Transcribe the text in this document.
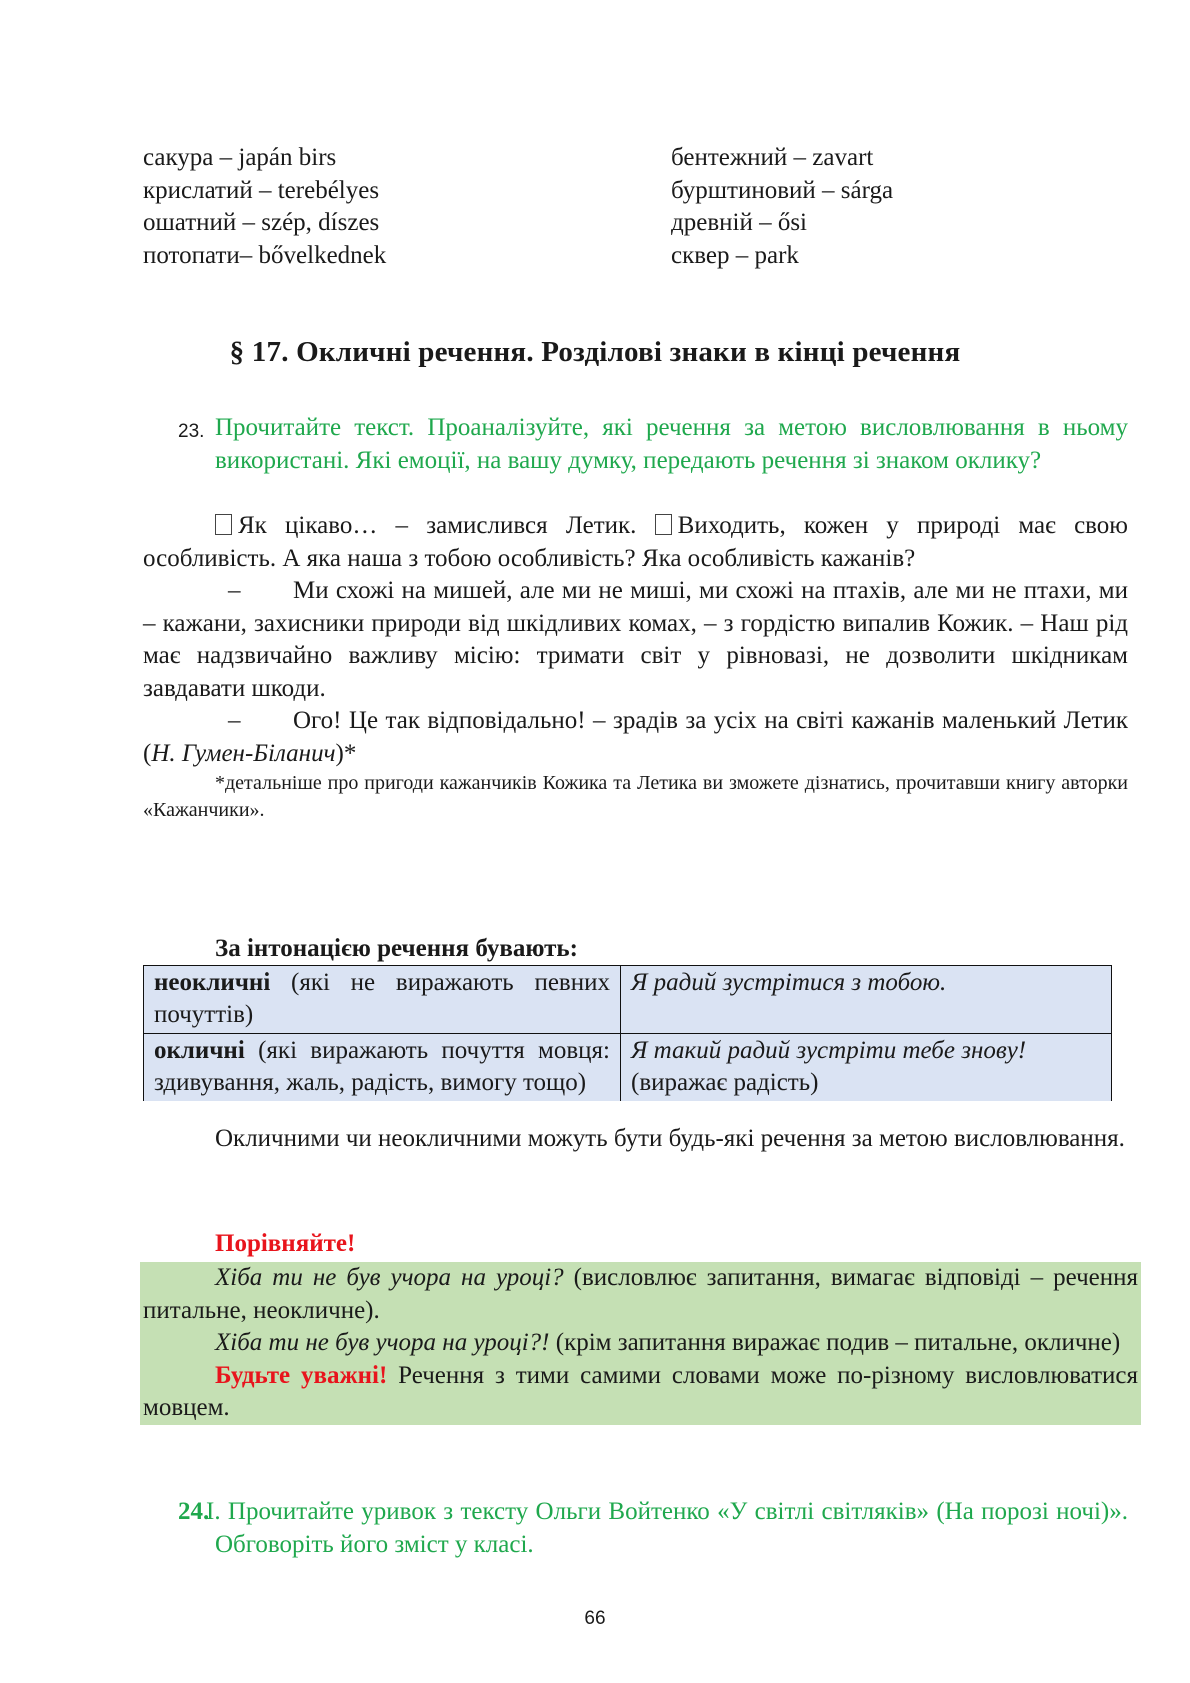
сакура – japán birs
крислатий – terebélyes
ошатний – szép, díszes
потопати– bővelkednek
бентежний – zavart
бурштиновий – sárga
древній – ősi
сквер – park
§ 17. Окличні речення. Розділові знаки в кінці речення
23. Прочитайте текст. Проаналізуйте, які речення за метою висловлювання в ньому використані. Які емоції, на вашу думку, передають речення зі знаком оклику?

Як цікаво… – замислився Летик. Виходить, кожен у природі має свою особливість. А яка наша з тобою особливість? Яка особливість кажанів?

– Ми схожі на мишей, але ми не миші, ми схожі на птахів, але ми не птахи, ми – кажани, захисники природи від шкідливих комах, – з гордістю випалив Кожик. – Наш рід має надзвичайно важливу місію: тримати світ у рівновазі, не дозволити шкідникам завдавати шкоди.

– Ого! Це так відповідально! – зрадів за усіх на світі кажанів маленький Летик (Н. Гумен-Біланич)*

*детальніше про пригоди кажанчиків Кожика та Летика ви зможете дізнатись, прочитавши книгу авторки «Кажанчики».

За інтонацією речення бувають:
неокличні (які не виражають певних почуттів)	Я радий зустрітися з тобою.
окличні (які виражають почуття мовця: здивування, жаль, радість, вимогу тощо)	Я такий радий зустріти тебе знову!
(виражає радість)

Окличними чи неокличними можуть бути будь-які речення за метою висловлювання.

Порівняйте!

Хіба ти не був учора на уроці? (висловлює запитання, вимагає відповіді – речення питальне, неокличне).

Хіба ти не був учора на уроці?! (крім запитання виражає подив – питальне, окличне)

Будьте уважні! Речення з тими самими словами може по-різному висловлюватися мовцем.

24.
І. Прочитайте уривок з тексту Ольги Войтенко «У світлі світляків» (На порозі ночі)». Обговоріть його зміст у класі.
66
